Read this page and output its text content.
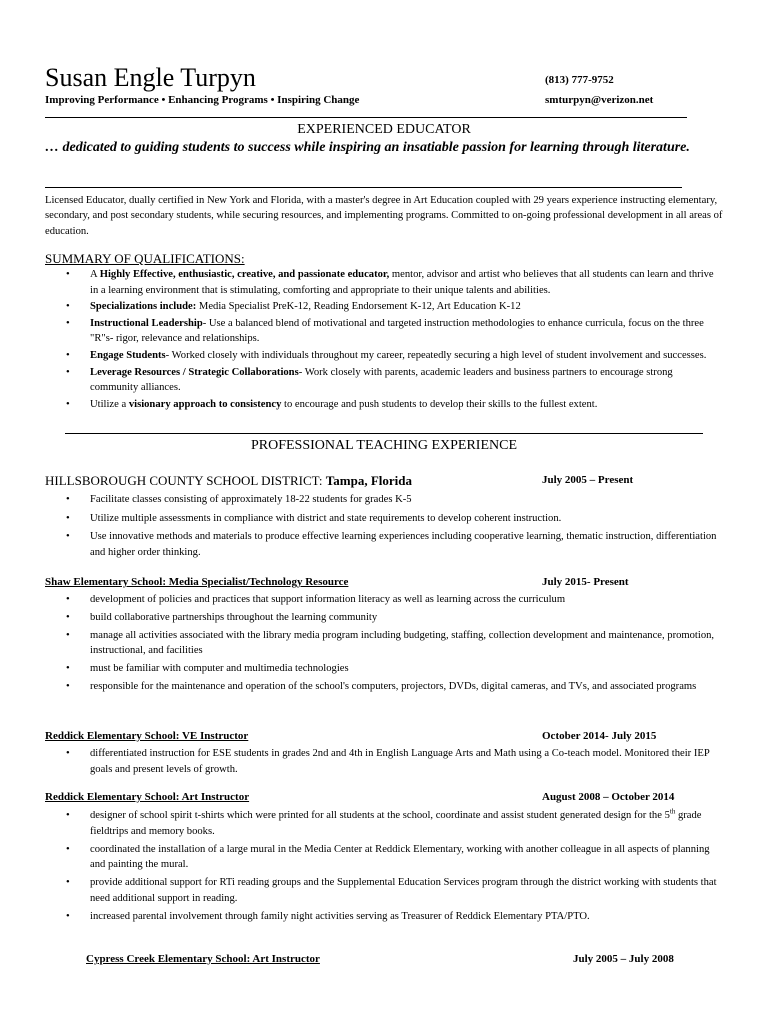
Susan Engle Turpyn
Improving Performance • Enhancing Programs • Inspiring Change
(813) 777-9752
smturpyn@verizon.net
EXPERIENCED EDUCATOR
… dedicated to guiding students to success while inspiring an insatiable passion for learning through literature.
Licensed Educator, dually certified in New York and Florida, with a master's degree in Art Education coupled with 29 years experience instructing elementary, secondary, and post secondary students, while securing resources, and implementing programs. Committed to on-going professional development in all areas of education.
SUMMARY OF QUALIFICATIONS:
• A Highly Effective, enthusiastic, creative, and passionate educator, mentor, advisor and artist who believes that all students can learn and thrive in a learning environment that is stimulating, comforting and appropriate to their unique talents and abilities.
• Specializations include: Media Specialist PreK-12, Reading Endorsement K-12, Art Education K-12
• Instructional Leadership- Use a balanced blend of motivational and targeted instruction methodologies to enhance curricula, focus on the three "R"s- rigor, relevance and relationships.
• Engage Students- Worked closely with individuals throughout my career, repeatedly securing a high level of student involvement and successes.
• Leverage Resources / Strategic Collaborations- Work closely with parents, academic leaders and business partners to encourage strong community alliances.
• Utilize a visionary approach to consistency to encourage and push students to develop their skills to the fullest extent.
PROFESSIONAL TEACHING EXPERIENCE
HILLSBOROUGH COUNTY SCHOOL DISTRICT: Tampa, Florida	July 2005 – Present
• Facilitate classes consisting of approximately 18-22 students for grades K-5
• Utilize multiple assessments in compliance with district and state requirements to develop coherent instruction.
• Use innovative methods and materials to produce effective learning experiences including cooperative learning, thematic instruction, differentiation and higher order thinking.
Shaw Elementary School: Media Specialist/Technology Resource	July 2015- Present
• development of policies and practices that support information literacy as well as learning across the curriculum
• build collaborative partnerships throughout the learning community
• manage all activities associated with the library media program including budgeting, staffing, collection development and maintenance, promotion, instructional, and facilities
• must be familiar with computer and multimedia technologies
• responsible for the maintenance and operation of the school's computers, projectors, DVDs, digital cameras, and TVs, and associated programs
Reddick Elementary School: VE Instructor	October 2014- July 2015
• differentiated instruction for ESE students in grades 2nd and 4th in English Language Arts and Math using a Co-teach model. Monitored their IEP goals and present levels of growth.
Reddick Elementary School: Art Instructor	August 2008 – October 2014
• designer of school spirit t-shirts which were printed for all students at the school, coordinate and assist student generated design for the 5th grade fieldtrips and memory books.
• coordinated the installation of a large mural in the Media Center at Reddick Elementary, working with another colleague in all aspects of planning and painting the mural.
• provide additional support for RTi reading groups and the Supplemental Education Services program through the district working with students that need additional support in reading.
• increased parental involvement through family night activities serving as Treasurer of Reddick Elementary PTA/PTO.
Cypress Creek Elementary School: Art Instructor	July 2005 – July 2008
